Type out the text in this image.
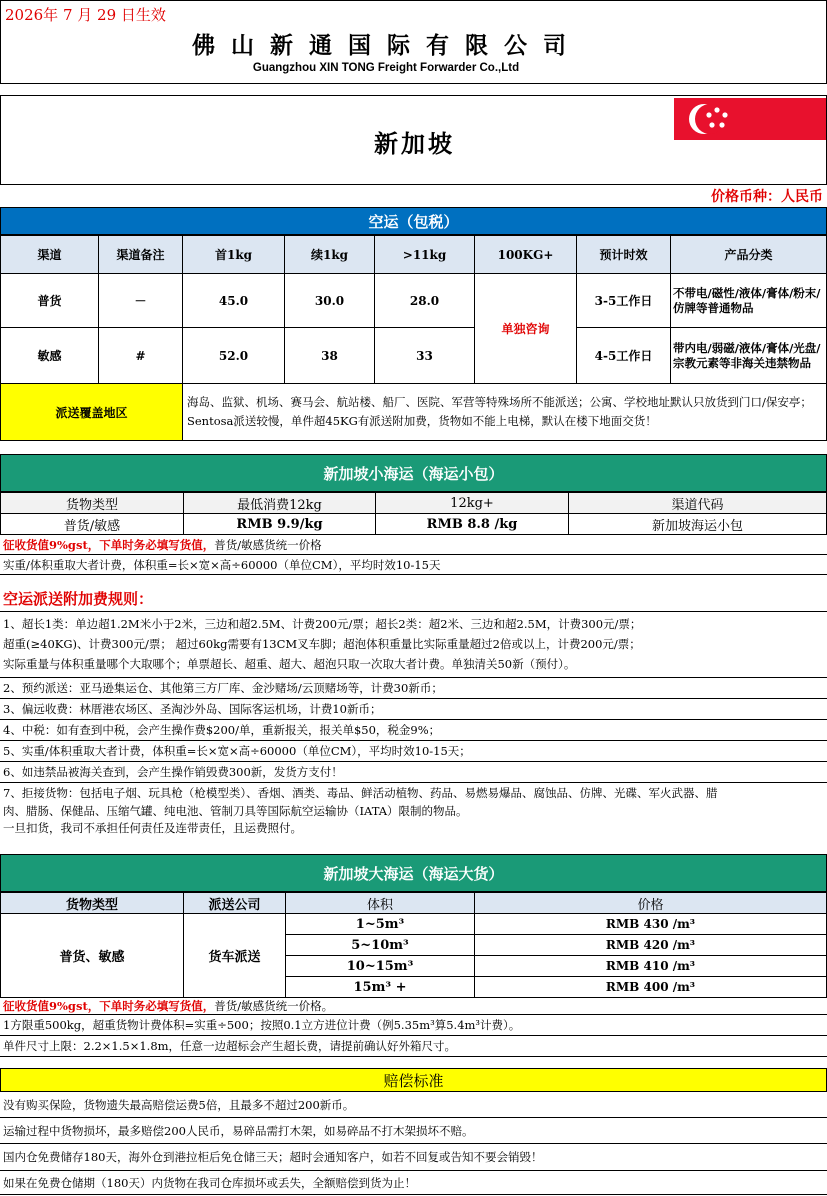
2026年 7 月 29 日生效
佛 山 新 通 国 际 有 限 公 司
Guangzhou XIN TONG Freight Forwarder Co.,Ltd
新加坡
价格币种：人民币
空运（包税）
渠道	渠道备注	首1kg	续1kg	>11kg	100KG+	预计时效	产品分类
普货	－	45.0	30.0	28.0	单独咨询	3-5工作日	不带电/磁性/液体/膏体/粉末/仿牌等普通物品
敏感	#	52.0	38	33		4-5工作日	带内电/弱磁/液体/膏体/光盘/宗教元素等非海关违禁物品
派送覆盖地区		海岛、监狱、机场、赛马会、航站楼、船厂、医院、军营等特殊场所不能派送；公寓、学校地址默认只放货到门口/保安亭；Sentosa派送较慢，单件超45KG有派送附加费，货物如不能上电梯，默认在楼下地面交货！					
新加坡小海运（海运小包）
货物类型	最低消费12kg	12kg+	渠道代码
普货/敏感	RMB 9.9/kg	RMB 8.8 /kg	新加坡海运小包
征收货值9%gst，下单时务必填写货值， 普货/敏感货统一价格
实重/体积重取大者计费，体积重=长×宽×高÷60000（单位CM），平均时效10-15天
空运派送附加费规则：
1、超长1类：单边超1.2M米小于2米，三边和超2.5M、计费200元/票；超长2类：超2米、三边和超2.5M，计费300元/票；
超重(≥40KG)、计费300元/票； 超过60kg需要有13CM叉车脚；超泡体积重量比实际重量超过2倍或以上，计费200元/票；
实际重量与体积重量哪个大取哪个；单票超长、超重、超大、超泡只取一次取大者计费。单独清关50新（预付）。
2、预约派送：亚马逊集运仓、其他第三方厂库、金沙赌场/云顶赌场等，计费30新币；
3、偏远收费：林厝港农场区、圣淘沙外岛、国际客运机场，计费10新币；
4、中税：如有查到中税，会产生操作费$200/单，重新报关，报关单$50，税金9%；
5、实重/体积重取大者计费，体积重=长×宽×高÷60000（单位CM），平均时效10-15天；
6、如违禁品被海关查到，会产生操作销毁费300新，发货方支付！
7、拒接货物：包括电子烟、玩具枪（枪模型类）、香烟、酒类、毒品、鲜活动植物、药品、易燃易爆品、腐蚀品、仿牌、光碟、军火武器、腊
肉、腊肠、保健品、压缩气罐、纯电池、管制刀具等国际航空运输协（IATA）限制的物品。
一旦扣货，我司不承担任何责任及连带责任，且运费照付。
新加坡大海运（海运大货）
货物类型	派送公司	体积	价格
普货、敏感	货车派送	1~5m³	RMB 430 /m³
		5~10m³	RMB 420 /m³
		10~15m³	RMB 410 /m³
		15m³ +	RMB 400 /m³
征收货值9%gst，下单时务必填写货值， 普货/敏感货统一价格。
1方限重500kg，超重货物计费体积=实重÷500；按照0.1立方进位计费（例5.35m³算5.4m³计费）。
单件尺寸上限：2.2×1.5×1.8m，任意一边超标会产生超长费，请提前确认好外箱尺寸。
赔偿标准
没有购买保险，货物遗失最高赔偿运费5倍，且最多不超过200新币。
运输过程中货物损坏，最多赔偿200人民币，易碎品需打木架，如易碎品不打木架损坏不赔。
国内仓免费储存180天，海外仓到港拉柜后免仓储三天；超时会通知客户，如若不回复或告知不要会销毁！
如果在免费仓储期（180天）内货物在我司仓库损坏或丢失，全额赔偿到货为止！
